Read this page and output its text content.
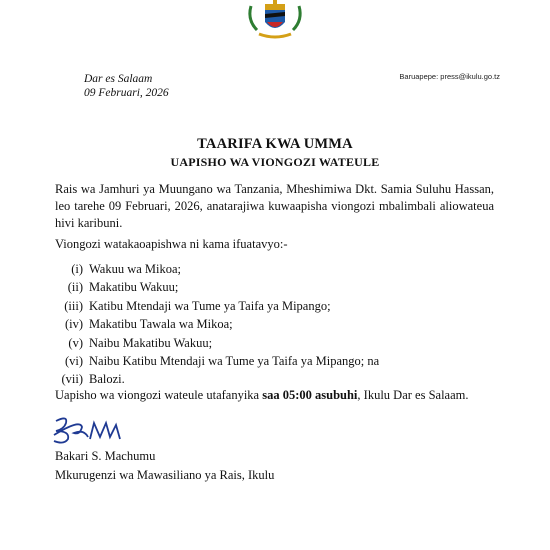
Dar es Salaam
09 Februari, 2026
Baruapepe: press@ikulu.go.tz
TAARIFA KWA UMMA
UAPISHO WA VIONGOZI WATEULE
Rais wa Jamhuri ya Muungano wa Tanzania, Mheshimiwa Dkt. Samia Suluhu Hassan, leo tarehe 09 Februari, 2026, anatarajiwa kuwaapisha viongozi mbalimbali aliowateua hivi karibuni.
Viongozi watakaoapishwa ni kama ifuatavyo:-
(i) Wakuu wa Mikoa;
(ii) Makatibu Wakuu;
(iii) Katibu Mtendaji wa Tume ya Taifa ya Mipango;
(iv) Makatibu Tawala wa Mikoa;
(v) Naibu Makatibu Wakuu;
(vi) Naibu Katibu Mtendaji wa Tume ya Taifa ya Mipango; na
(vii) Balozi.
Uapisho wa viongozi wateule utafanyika saa 05:00 asubuhi, Ikulu Dar es Salaam.
Bakari S. Machumu
Mkurugenzi wa Mawasiliano ya Rais, Ikulu
